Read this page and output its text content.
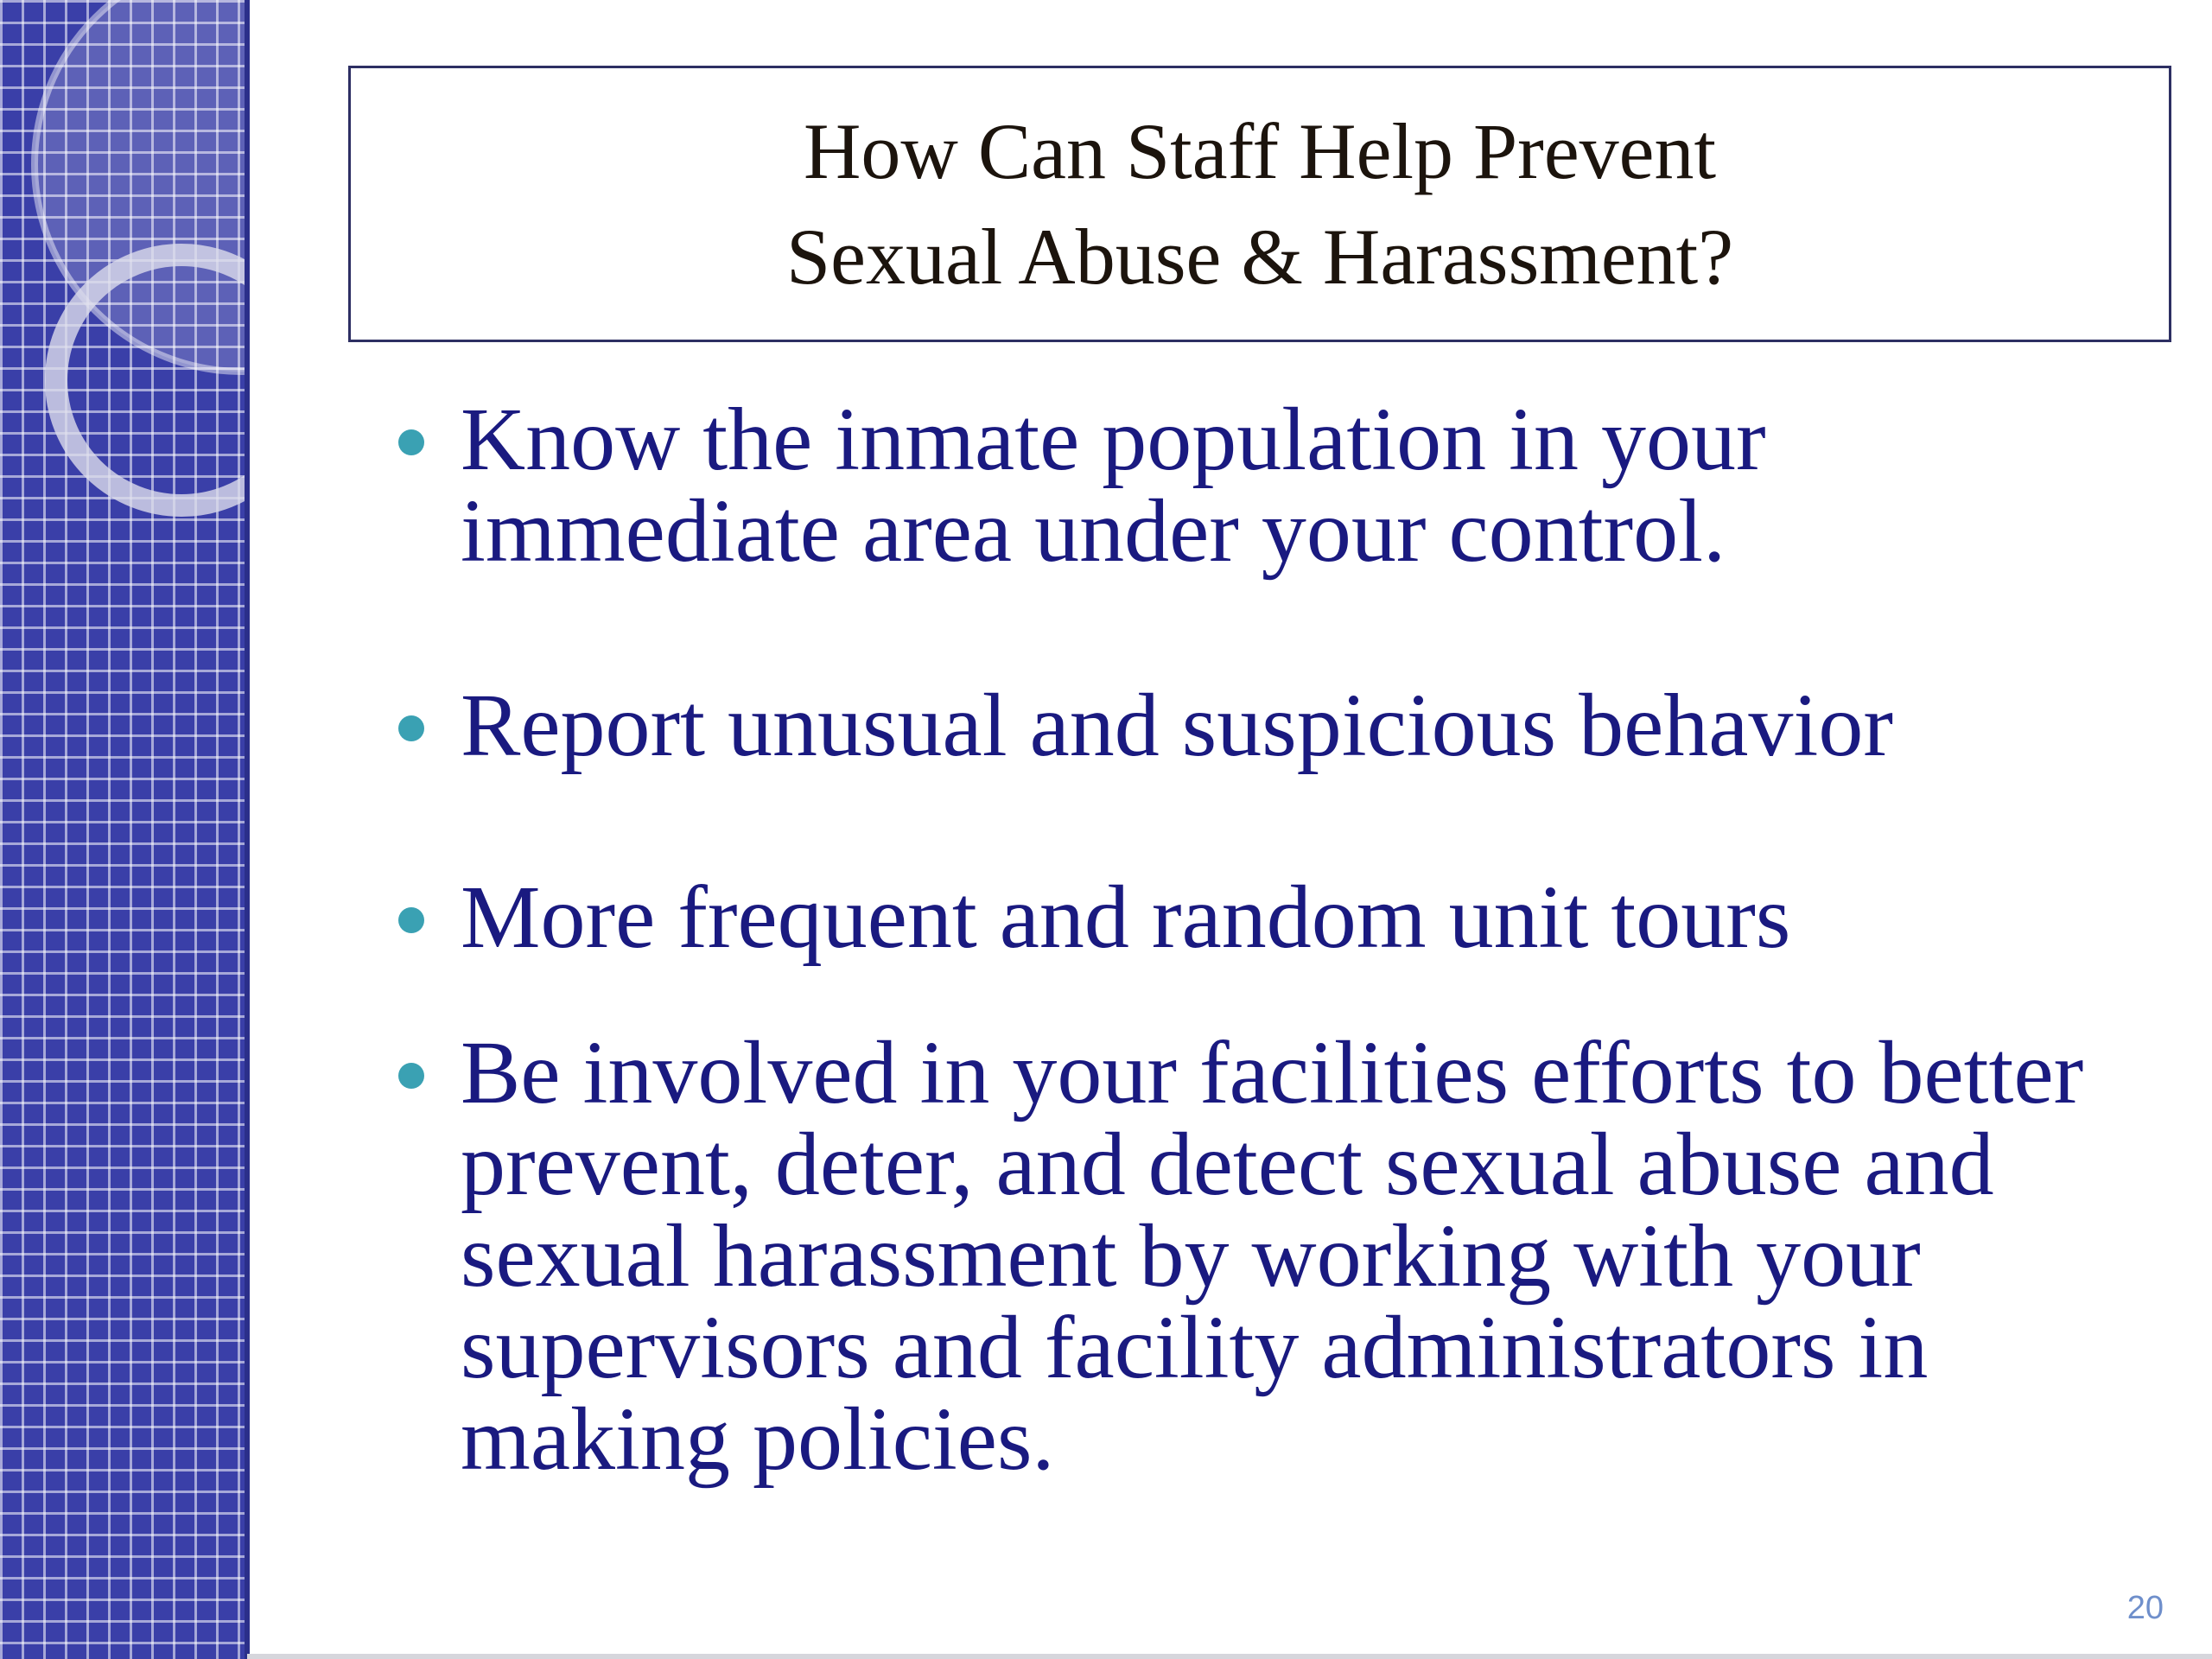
How Can Staff Help Prevent
Sexual Abuse & Harassment?
Know the inmate population in your immediate area under your control.
Report unusual and suspicious behavior
More frequent and random unit tours
Be involved in your facilities efforts to better prevent, deter, and detect sexual abuse and sexual harassment by working with your supervisors and facility administrators in making policies.
20
